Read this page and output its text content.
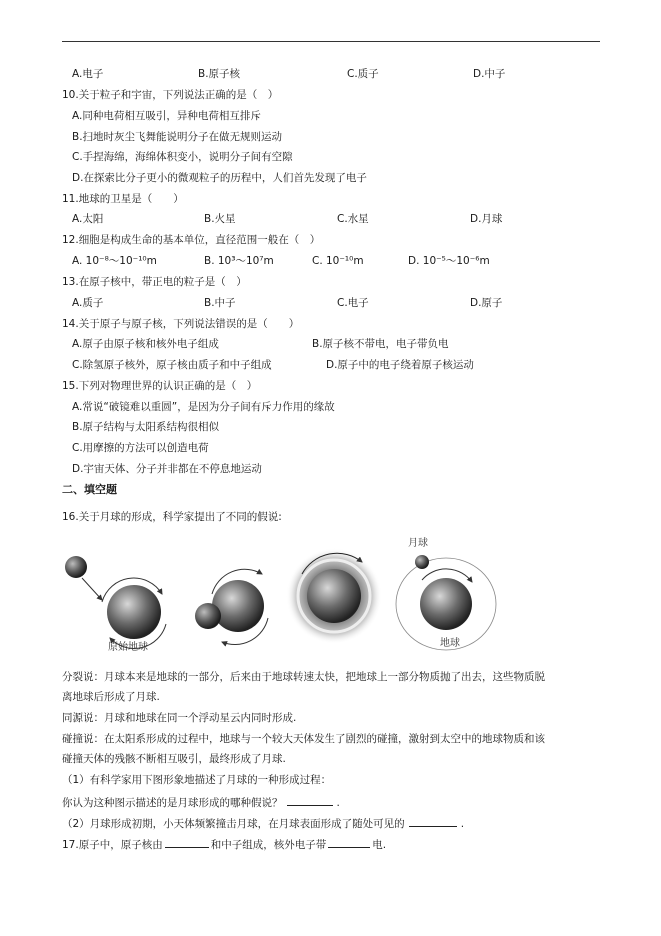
A.电子	B.原子核	C.质子	D.中子
10.关于粒子和宇宙，下列说法正确的是（　）
A.同种电荷相互吸引，异种电荷相互排斥
B.扫地时灰尘飞舞能说明分子在做无规则运动
C.手捏海绵，海绵体积变小，说明分子间有空隙
D.在探索比分子更小的微观粒子的历程中，人们首先发现了电子
11.地球的卫星是（　　）
A.太阳	B.火星	C.水星	D.月球
12.细胞是构成生命的基本单位，直径范围一般在（　）
A. 10⁻⁸～10⁻¹⁰m	B. 10³～10⁷m	C. 10⁻¹⁰m	D. 10⁻⁵～10⁻⁶m
13.在原子核中，带正电的粒子是（　）
A.质子	B.中子	C.电子	D.原子
14.关于原子与原子核，下列说法错误的是（　　）
A.原子由原子核和核外电子组成	B.原子核不带电，电子带负电
C.除氢原子核外，原子核由质子和中子组成	D.原子中的电子绕着原子核运动
15.下列对物理世界的认识正确的是（　）
A.常说“破镜难以重圆”，是因为分子间有斥力作用的缘故
B.原子结构与太阳系结构很相似
C.用摩擦的方法可以创造电荷
D.宇宙天体、分子并非都在不停息地运动
二、填空题
16.关于月球的形成，科学家提出了不同的假说:
原始地球
月球
地球
分裂说：月球本来是地球的一部分，后来由于地球转速太快，把地球上一部分物质抛了出去，这些物质脱
离地球后形成了月球.
同源说：月球和地球在同一个浮动星云内同时形成.
碰撞说：在太阳系形成的过程中，地球与一个较大天体发生了剧烈的碰撞，激射到太空中的地球物质和该
碰撞天体的残骸不断相互吸引，最终形成了月球.
（1）有科学家用下图形象地描述了月球的一种形成过程：
你认为这种图示描述的是月球形成的哪种假说？	.
（2）月球形成初期，小天体频繁撞击月球，在月球表面形成了随处可见的	.
17.原子中，原子核由	和中子组成，核外电子带	电.
